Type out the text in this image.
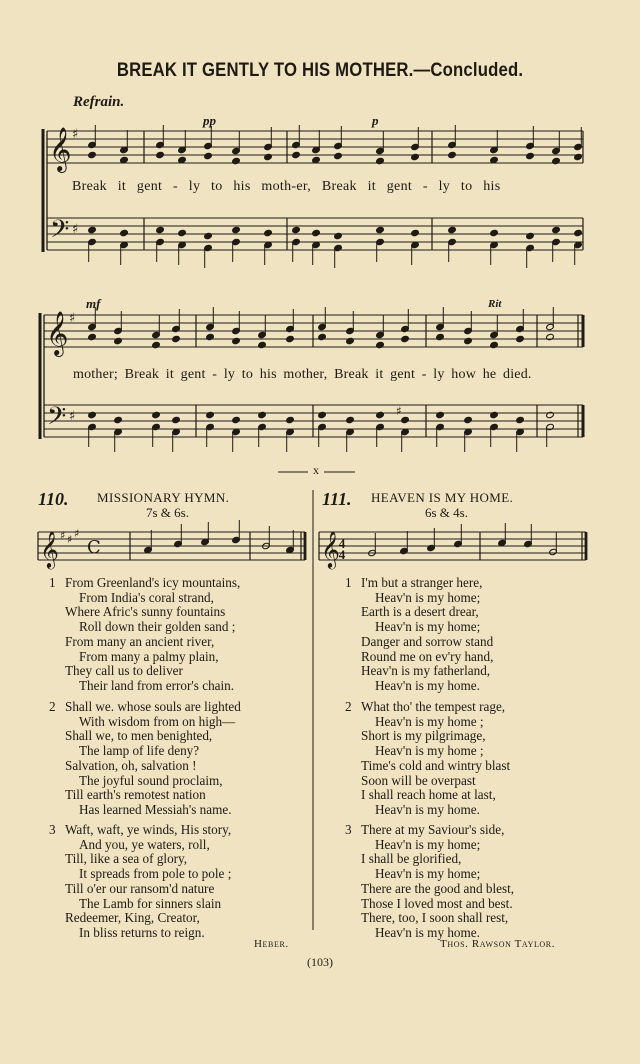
𝄞
𝄢
♯
♯
𝄞
𝄢
♯
♯	♯
𝄞 ♯ ♯ ♯
C	𝄞
BREAK IT GENTLY TO HIS MOTHER.—Concluded.
Refrain.
pp	p
mf	Rit
Break it gent - ly to his moth-er, Break it gent - ly to his
mother; Break it gent - ly to his mother, Break it gent - ly how he died.
x
110. MISSIONARY HYMN.
7s & 6s.
111. HEAVEN IS MY HOME.
6s & 4s.
4
4
1 From Greenland's icy mountains,
From India's coral strand,
Where Afric's sunny fountains
Roll down their golden sand ;
From many an ancient river,
From many a palmy plain,
They call us to deliver
Their land from error's chain.
2 Shall we. whose souls are lighted
With wisdom from on high—
Shall we, to men benighted,
The lamp of life deny?
Salvation, oh, salvation !
The joyful sound proclaim,
Till earth's remotest nation
Has learned Messiah's name.
3 Waft, waft, ye winds, His story,
And you, ye waters, roll,
Till, like a sea of glory,
It spreads from pole to pole ;
Till o'er our ransom'd nature
The Lamb for sinners slain
Redeemer, King, Creator,
In bliss returns to reign.
1 I'm but a stranger here,
Heav'n is my home;
Earth is a desert drear,
Heav'n is my home;
Danger and sorrow stand
Round me on ev'ry hand,
Heav'n is my fatherland,
Heav'n is my home.
2 What tho' the tempest rage,
Heav'n is my home ;
Short is my pilgrimage,
Heav'n is my home ;
Time's cold and wintry blast
Soon will be overpast
I shall reach home at last,
Heav'n is my home.
3 There at my Saviour's side,
Heav'n is my home;
I shall be glorified,
Heav'n is my home;
There are the good and blest,
Those I loved most and best.
There, too, I soon shall rest,
Heav'n is my home.
Heber.	Thos. Rawson Taylor.
(103)
